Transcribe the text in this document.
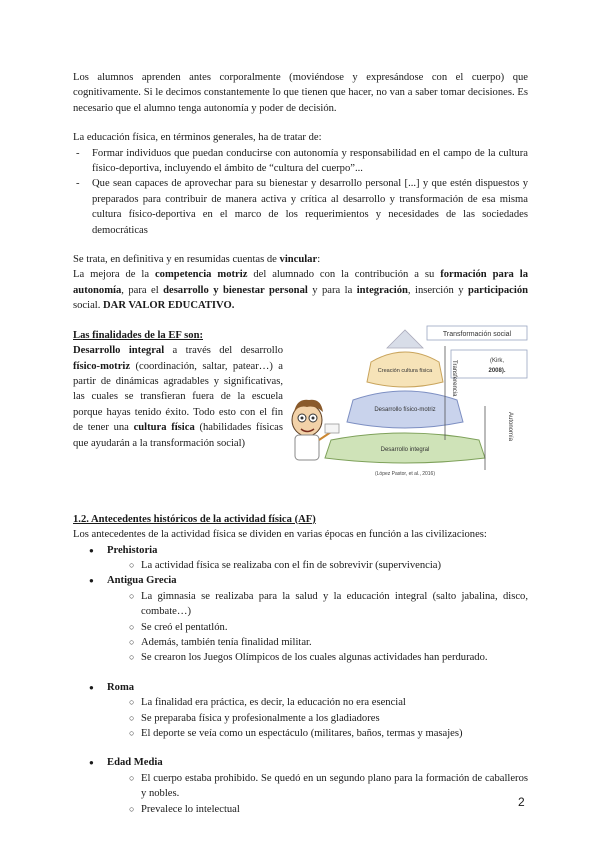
Los alumnos aprenden antes corporalmente (moviéndose y expresándose con el cuerpo) que cognitivamente. Si le decimos constantemente lo que tienen que hacer, no van a saber tomar decisiones. Es necesario que el alumno tenga autonomía y poder de decisión.

La educación física, en términos generales, ha de tratar de:

- Formar individuos que puedan conducirse con autonomía y responsabilidad en el campo de la cultura físico-deportiva, incluyendo el ámbito de “cultura del cuerpo”...
- Que sean capaces de aprovechar para su bienestar y desarrollo personal [...] y que estén dispuestos y preparados para contribuir de manera activa y crítica al desarrollo y transformación de esa misma cultura físico-deportiva en el marco de los requerimientos y necesidades de las sociedades democráticas

Se trata, en definitiva y en resumidas cuentas de vincular:

La mejora de la competencia motriz del alumnado con la contribución a su formación para la autonomía, para el desarrollo y bienestar personal y para la integración, inserción y participación social. DAR VALOR EDUCATIVO.

Las finalidades de la EF son:

Desarrollo integral a través del desarrollo físico-motriz (coordinación, saltar, patear…) a partir de dinámicas agradables y significativas, las cuales se transfieran fuera de la escuela porque hayas tenido éxito. Todo esto con el fin de tener una cultura física (habilidades físicas que ayudarán a la transformación social)

Creación cultura física
Desarrollo físico-motriz
Desarrollo integral
(López Pastor, et al., 2016)
Transformación social
(Kirk,
2008).
Transferencia
Autonomía
1.2. Antecedentes históricos de la actividad física (AF)

Los antecedentes de la actividad física se dividen en varias épocas en función a las civilizaciones:

● Prehistoria
○ La actividad física se realizaba con el fin de sobrevivir (supervivencia)
● Antigua Grecia
○ La gimnasia se realizaba para la salud y la educación integral (salto jabalina, disco, combate…)
○ Se creó el pentatlón.
○ Además, también tenía finalidad militar.
○ Se crearon los Juegos Olímpicos de los cuales algunas actividades han perdurado.
● Roma
○ La finalidad era práctica, es decir, la educación no era esencial
○ Se preparaba física y profesionalmente a los gladiadores
○ El deporte se veía como un espectáculo (militares, baños, termas y masajes)
● Edad Media
○ El cuerpo estaba prohibido. Se quedó en un segundo plano para la formación de caballeros y nobles.
○ Prevalece lo intelectual
2
